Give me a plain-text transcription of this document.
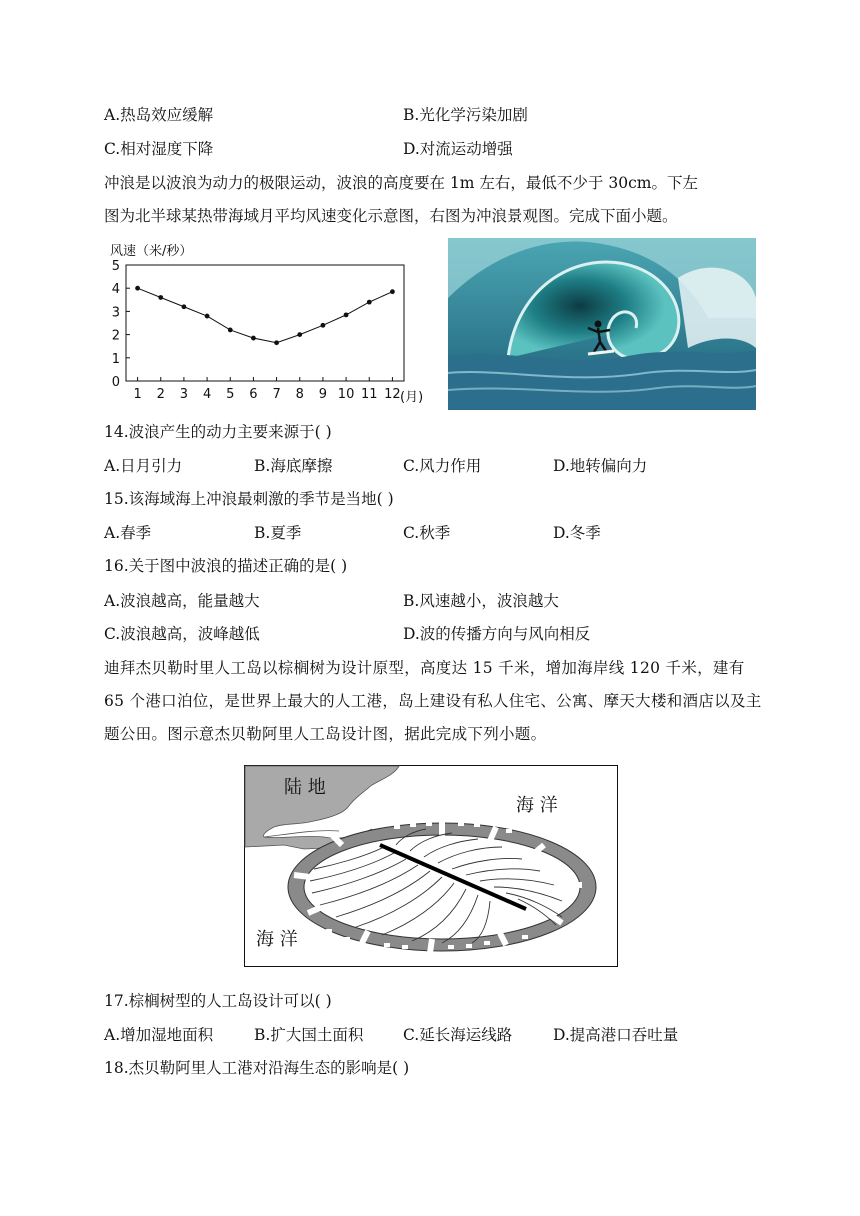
A.热岛效应缓解	B.光化学污染加剧
C.相对湿度下降	D.对流运动增强
冲浪是以波浪为动力的极限运动，波浪的高度要在 1m 左右，最低不少于 30cm。下左
图为北半球某热带海域月平均风速变化示意图，右图为冲浪景观图。完成下面小题。
风速（米/秒）
0
1
2
3
4
5
1 2 3 4 5 6 7 8 9 10 11 12 (月)
14.波浪产生的动力主要来源于( )
A.日月引力	B.海底摩擦	C.风力作用	D.地转偏向力
15.该海域海上冲浪最刺激的季节是当地( )
A.春季	B.夏季	C.秋季	D.冬季
16.关于图中波浪的描述正确的是( )
A.波浪越高，能量越大	B.风速越小，波浪越大
C.波浪越高，波峰越低	D.波的传播方向与风向相反
迪拜杰贝勒时里人工岛以棕榈树为设计原型，高度达 15 千米，增加海岸线 120 千米，建有 65 个港口泊位，是世界上最大的人工港，岛上建设有私人住宅、公寓、摩天大楼和酒店以及主题公田。图示意杰贝勒阿里人工岛设计图，据此完成下列小题。
陆 地
海 洋
海 洋
17.棕榈树型的人工岛设计可以( )
A.增加湿地面积	B.扩大国土面积	C.延长海运线路	D.提高港口吞吐量
18.杰贝勒阿里人工港对沿海生态的影响是( )
